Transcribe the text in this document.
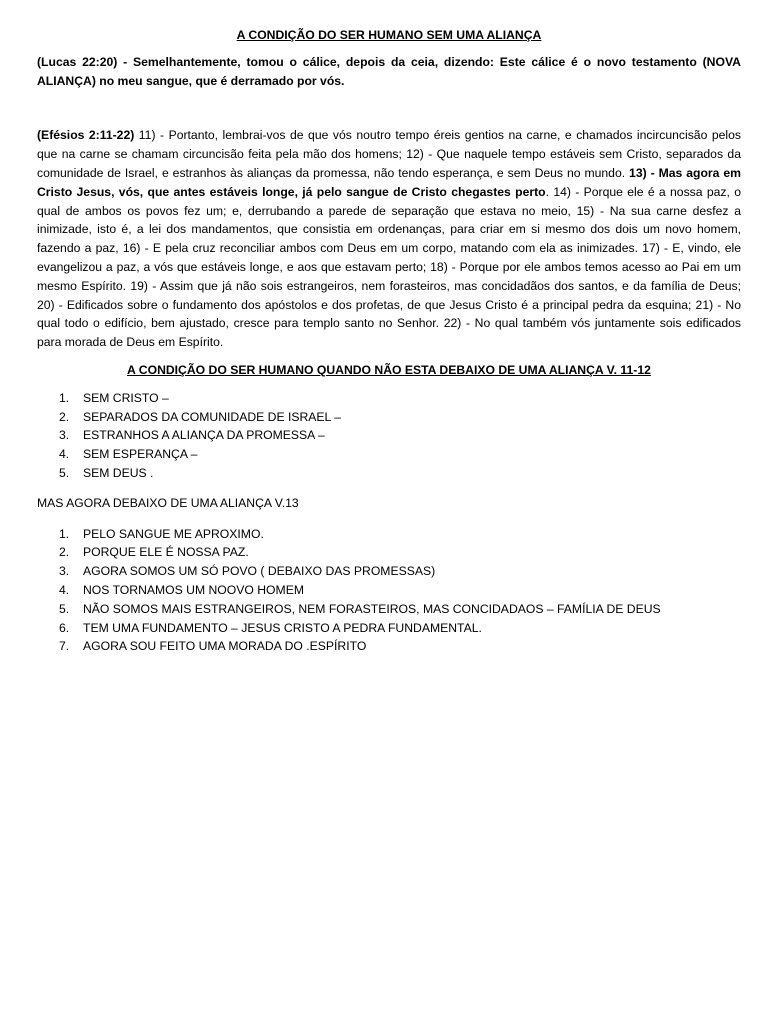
A CONDIÇÃO DO SER HUMANO SEM UMA ALIANÇA

(Lucas 22:20) - Semelhantemente, tomou o cálice, depois da ceia, dizendo: Este cálice é o novo testamento (NOVA ALIANÇA) no meu sangue, que é derramado por vós.

(Efésios 2:11-22) 11) - Portanto, lembrai-vos de que vós noutro tempo éreis gentios na carne, e chamados incircuncisão pelos que na carne se chamam circuncisão feita pela mão dos homens; 12) - Que naquele tempo estáveis sem Cristo, separados da comunidade de Israel, e estranhos às alianças da promessa, não tendo esperança, e sem Deus no mundo. 13) - Mas agora em Cristo Jesus, vós, que antes estáveis longe, já pelo sangue de Cristo chegastes perto. 14) - Porque ele é a nossa paz, o qual de ambos os povos fez um; e, derrubando a parede de separação que estava no meio, 15) - Na sua carne desfez a inimizade, isto é, a lei dos mandamentos, que consistia em ordenanças, para criar em si mesmo dos dois um novo homem, fazendo a paz, 16) - E pela cruz reconciliar ambos com Deus em um corpo, matando com ela as inimizades. 17) - E, vindo, ele evangelizou a paz, a vós que estáveis longe, e aos que estavam perto; 18) - Porque por ele ambos temos acesso ao Pai em um mesmo Espírito. 19) - Assim que já não sois estrangeiros, nem forasteiros, mas concidadãos dos santos, e da família de Deus; 20) - Edificados sobre o fundamento dos apóstolos e dos profetas, de que Jesus Cristo é a principal pedra da esquina; 21) - No qual todo o edifício, bem ajustado, cresce para templo santo no Senhor. 22) - No qual também vós juntamente sois edificados para morada de Deus em Espírito.

A CONDIÇÃO DO SER HUMANO QUANDO NÃO ESTA DEBAIXO DE UMA ALIANÇA V. 11-12
1. SEM CRISTO –
2. SEPARADOS DA COMUNIDADE DE ISRAEL –
3. ESTRANHOS A ALIANÇA DA PROMESSA –
4. SEM ESPERANÇA –
5. SEM DEUS .
MAS AGORA DEBAIXO DE UMA ALIANÇA V.13
1. PELO SANGUE ME APROXIMO.
2. PORQUE ELE É NOSSA PAZ.
3. AGORA SOMOS UM SÓ POVO ( DEBAIXO DAS PROMESSAS)
4. NOS TORNAMOS UM NOOVO HOMEM
5. NÃO SOMOS MAIS ESTRANGEIROS, NEM FORASTEIROS, MAS CONCIDADAOS – FAMÍLIA DE DEUS
6. TEM UMA FUNDAMENTO – JESUS CRISTO A PEDRA FUNDAMENTAL.
7. AGORA SOU FEITO UMA MORADA DO .ESPÍRITO
